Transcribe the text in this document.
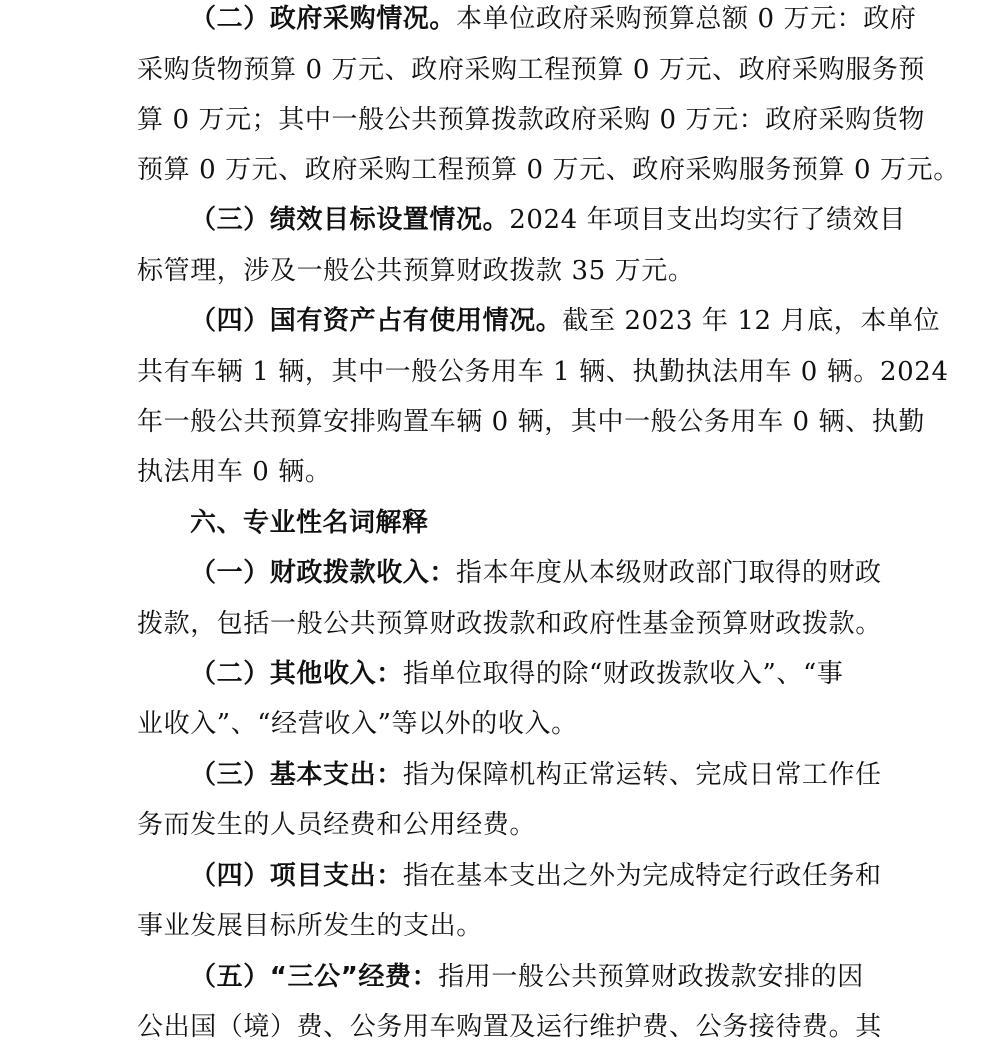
（二）政府采购情况。本单位政府采购预算总额 0 万元：政府
采购货物预算 0 万元、政府采购工程预算 0 万元、政府采购服务预
算 0 万元；其中一般公共预算拨款政府采购 0 万元：政府采购货物
预算 0 万元、政府采购工程预算 0 万元、政府采购服务预算 0 万元。
（三）绩效目标设置情况。2024 年项目支出均实行了绩效目
标管理，涉及一般公共预算财政拨款 35 万元。
（四）国有资产占有使用情况。截至 2023 年 12 月底，本单位
共有车辆 1 辆，其中一般公务用车 1 辆、执勤执法用车 0 辆。2024
年一般公共预算安排购置车辆 0 辆，其中一般公务用车 0 辆、执勤
执法用车 0 辆。
六、专业性名词解释
（一）财政拨款收入：指本年度从本级财政部门取得的财政
拨款，包括一般公共预算财政拨款和政府性基金预算财政拨款。
（二）其他收入：指单位取得的除“财政拨款收入”、“事
业收入”、“经营收入”等以外的收入。
（三）基本支出：指为保障机构正常运转、完成日常工作任
务而发生的人员经费和公用经费。
（四）项目支出：指在基本支出之外为完成特定行政任务和
事业发展目标所发生的支出。
（五）“三公”经费：指用一般公共预算财政拨款安排的因
公出国（境）费、公务用车购置及运行维护费、公务接待费。其
